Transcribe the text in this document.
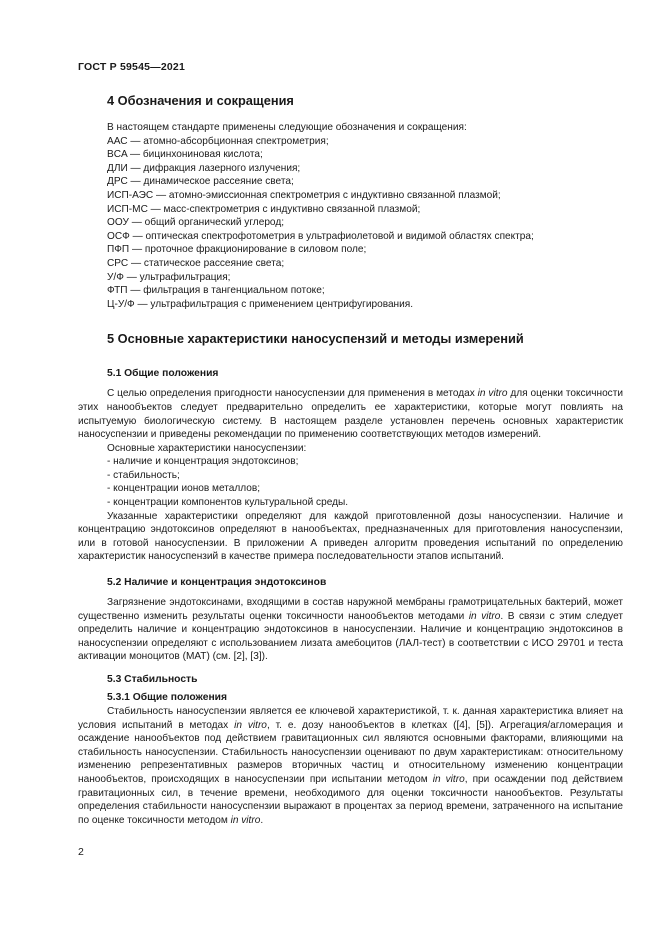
ГОСТ Р 59545—2021
4 Обозначения и сокращения

В настоящем стандарте применены следующие обозначения и сокращения:

ААС — атомно-абсорбционная спектрометрия;
BCA — бицинхониновая кислота;
ДЛИ — дифракция лазерного излучения;
ДРС — динамическое рассеяние света;
ИСП-АЭС — атомно-эмиссионная спектрометрия с индуктивно связанной плазмой;
ИСП-МС — масс-спектрометрия с индуктивно связанной плазмой;
ООУ — общий органический углерод;
ОСФ — оптическая спектрофотометрия в ультрафиолетовой и видимой областях спектра;
ПФП — проточное фракционирование в силовом поле;
СРС — статическое рассеяние света;
У/Ф — ультрафильтрация;
ФТП — фильтрация в тангенциальном потоке;
Ц-У/Ф — ультрафильтрация с применением центрифугирования.
5 Основные характеристики наносуспензий и методы измерений
5.1 Общие положения

С целью определения пригодности наносуспензии для применения в методах in vitro для оценки токсичности этих нанообъектов следует предварительно определить ее характеристики, которые могут повлиять на испытуемую биологическую систему. В настоящем разделе установлен перечень основных характеристик наносуспензии и приведены рекомендации по применению соответствующих методов измерений.

Основные характеристики наносуспензии:
- наличие и концентрация эндотоксинов;
- стабильность;
- концентрации ионов металлов;
- концентрации компонентов культуральной среды.

Указанные характеристики определяют для каждой приготовленной дозы наносуспензии. Наличие и концентрацию эндотоксинов определяют в нанообъектах, предназначенных для приготовления наносуспензии, или в готовой наносуспензии. В приложении А приведен алгоритм проведения испытаний по определению характеристик наносуспензий в качестве примера последовательности этапов испытаний.

5.2 Наличие и концентрация эндотоксинов

Загрязнение эндотоксинами, входящими в состав наружной мембраны грамотрицательных бактерий, может существенно изменить результаты оценки токсичности нанообъектов методами in vitro. В связи с этим следует определить наличие и концентрацию эндотоксинов в наносуспензии. Наличие и концентрацию эндотоксинов в наносуспензии определяют с использованием лизата амебоцитов (ЛАЛ-тест) в соответствии с ИСО 29701 и теста активации моноцитов (МАТ) (см. [2], [3]).

5.3 Стабильность
5.3.1 Общие положения

Стабильность наносуспензии является ее ключевой характеристикой, т. к. данная характеристика влияет на условия испытаний в методах in vitro, т. е. дозу нанообъектов в клетках ([4], [5]). Агрегация/агломерация и осаждение нанообъектов под действием гравитационных сил являются основными факторами, влияющими на стабильность наносуспензии. Стабильность наносуспензии оценивают по двум характеристикам: относительному изменению репрезентативных размеров вторичных частиц и относительному изменению концентрации нанообъектов, происходящих в наносуспензии при испытании методом in vitro, при осаждении под действием гравитационных сил, в течение времени, необходимого для оценки токсичности нанообъектов. Результаты определения стабильности наносуспензии выражают в процентах за период времени, затраченного на испытание по оценке токсичности методом in vitro.

2
